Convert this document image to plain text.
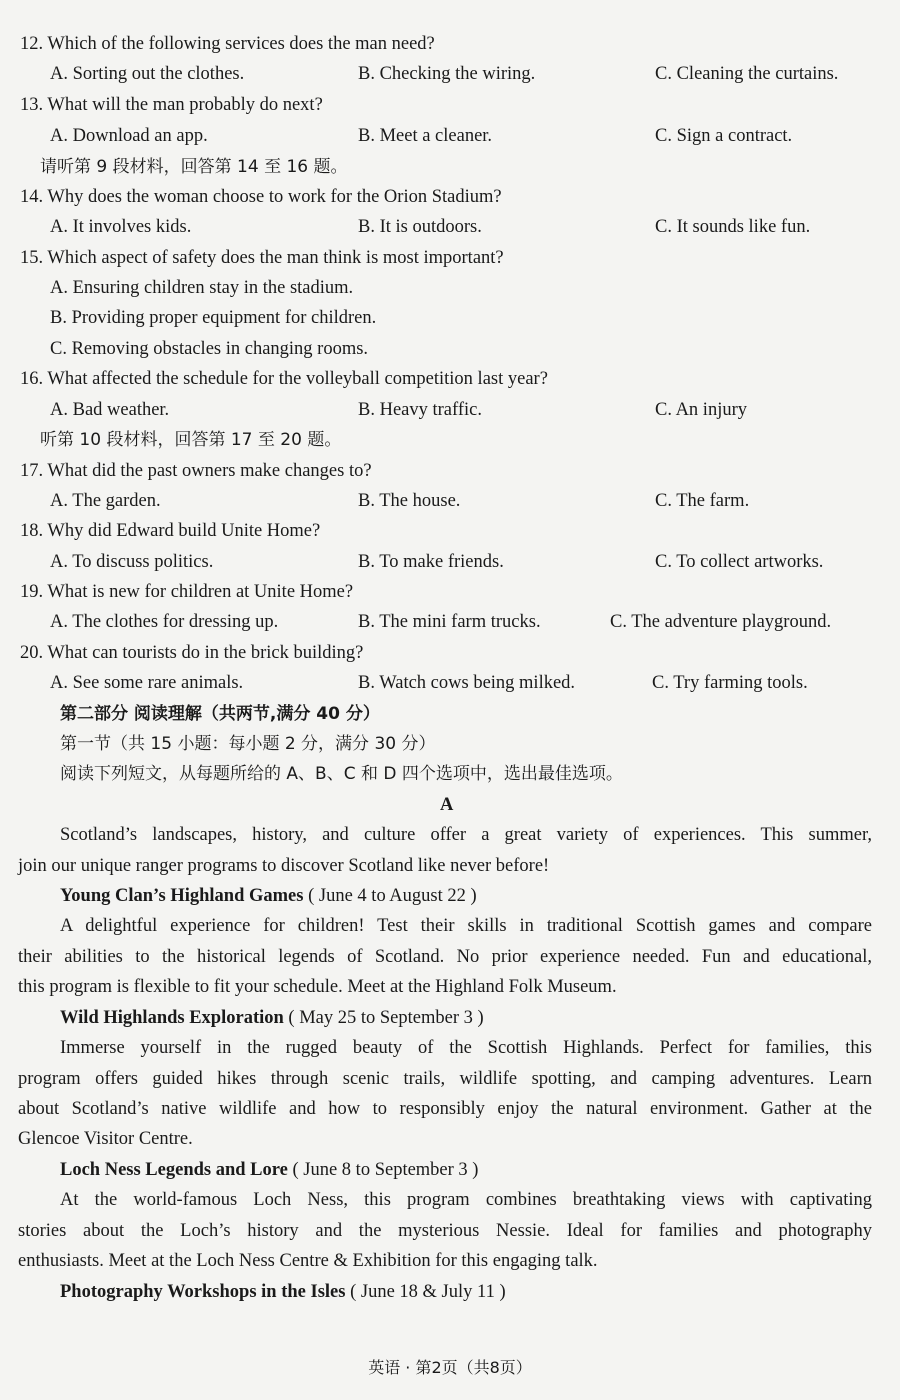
12. Which of the following services does the man need?
A. Sorting out the clothes.	B. Checking the wiring.	C. Cleaning the curtains.
13. What will the man probably do next?
A. Download an app.	B. Meet a cleaner.	C. Sign a contract.
请听第 9 段材料，回答第 14 至 16 题。
14. Why does the woman choose to work for the Orion Stadium?
A. It involves kids.	B. It is outdoors.	C. It sounds like fun.
15. Which aspect of safety does the man think is most important?
A. Ensuring children stay in the stadium.
B. Providing proper equipment for children.
C. Removing obstacles in changing rooms.
16. What affected the schedule for the volleyball competition last year?
A. Bad weather.	B. Heavy traffic.	C. An injury
听第 10 段材料，回答第 17 至 20 题。
17. What did the past owners make changes to?
A. The garden.	B. The house.	C. The farm.
18. Why did Edward build Unite Home?
A. To discuss politics.	B. To make friends.	C. To collect artworks.
19. What is new for children at Unite Home?
A. The clothes for dressing up.	B. The mini farm trucks.	C. The adventure playground.
20. What can tourists do in the brick building?
A. See some rare animals.	B. Watch cows being milked.	C. Try farming tools.
第二部分 阅读理解（共两节,满分 40 分）
第一节（共 15 小题：每小题 2 分，满分 30 分）
阅读下列短文，从每题所给的 A、B、C 和 D 四个选项中，选出最佳选项。
A
Scotland’s landscapes, history, and culture offer a great variety of experiences. This summer,
join our unique ranger programs to discover Scotland like never before!
Young Clan’s Highland Games ( June 4 to August 22 )
A delightful experience for children! Test their skills in traditional Scottish games and compare
their abilities to the historical legends of Scotland. No prior experience needed. Fun and educational,
this program is flexible to fit your schedule. Meet at the Highland Folk Museum.
Wild Highlands Exploration ( May 25 to September 3 )
Immerse yourself in the rugged beauty of the Scottish Highlands. Perfect for families, this
program offers guided hikes through scenic trails, wildlife spotting, and camping adventures. Learn
about Scotland’s native wildlife and how to responsibly enjoy the natural environment. Gather at the
Glencoe Visitor Centre.
Loch Ness Legends and Lore ( June 8 to September 3 )
At the world-famous Loch Ness, this program combines breathtaking views with captivating
stories about the Loch’s history and the mysterious Nessie. Ideal for families and photography
enthusiasts. Meet at the Loch Ness Centre & Exhibition for this engaging talk.
Photography Workshops in the Isles ( June 18 & July 11 )
英语 · 第2页（共8页）
